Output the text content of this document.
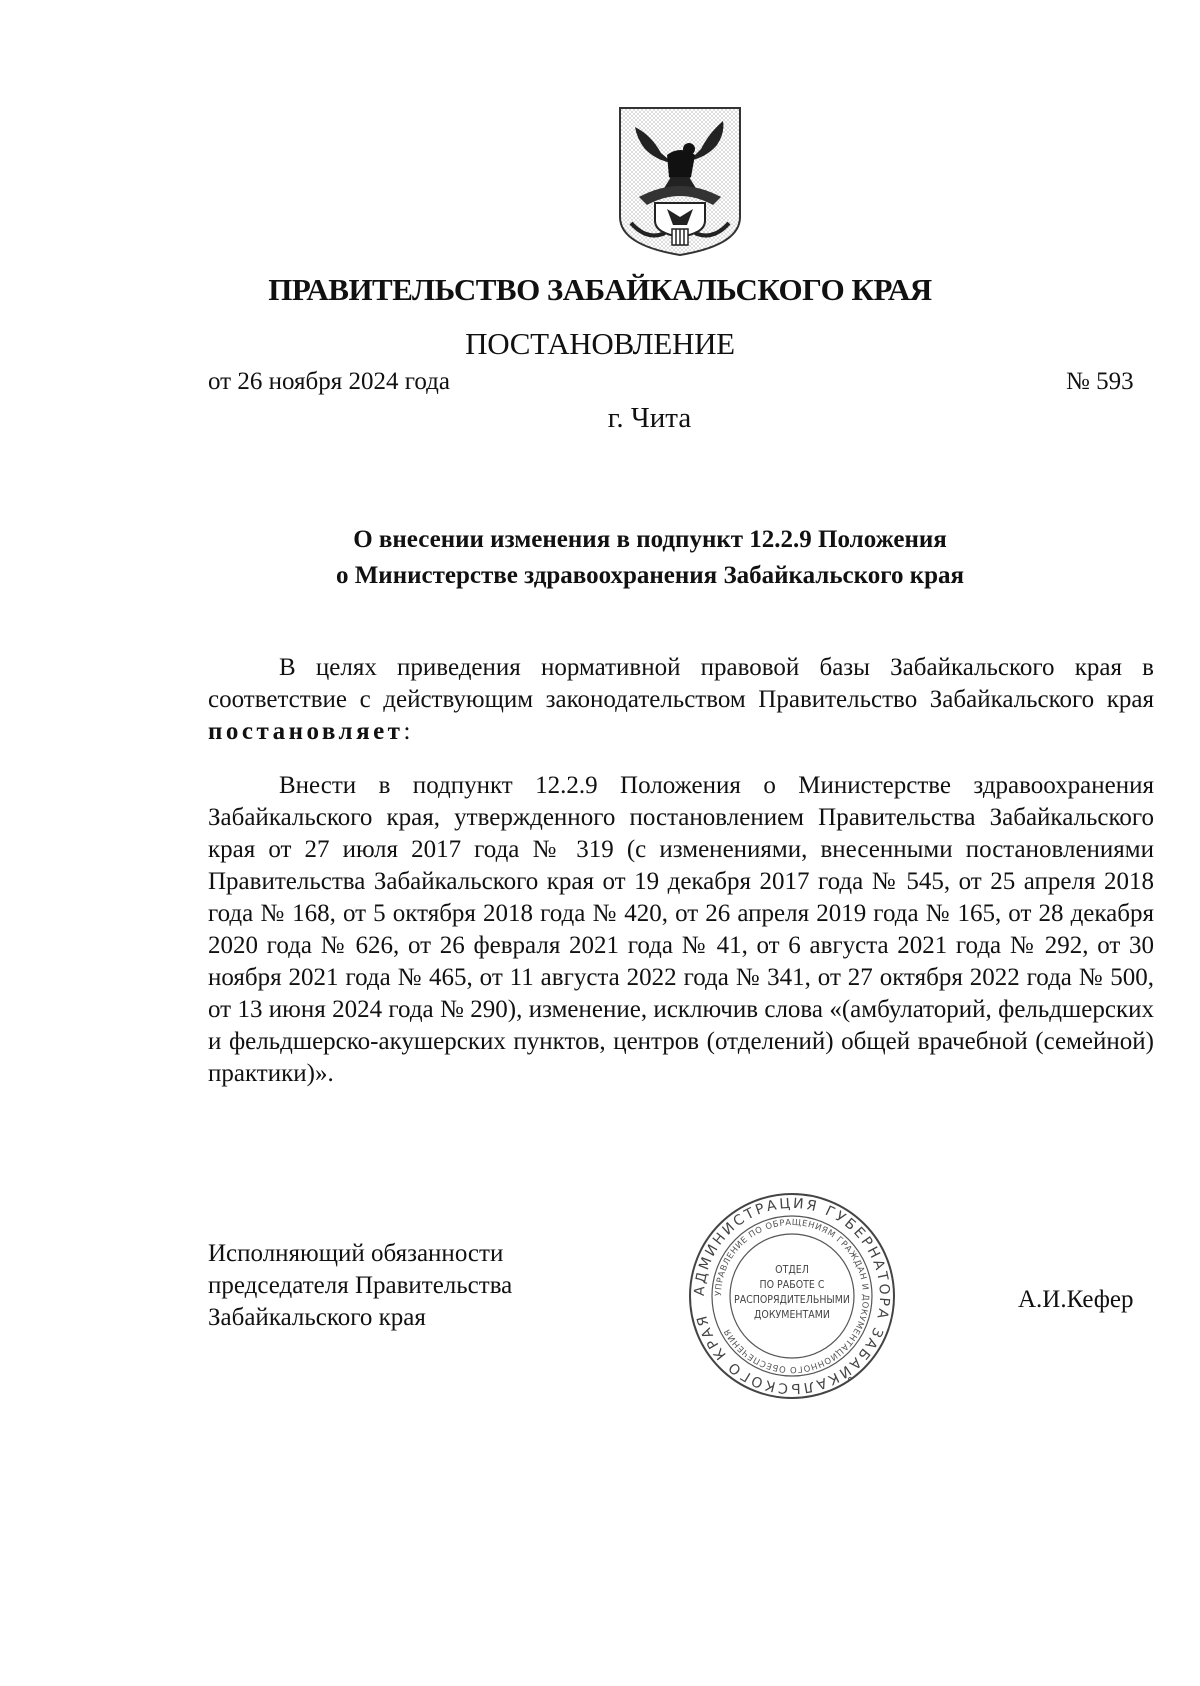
ПРАВИТЕЛЬСТВО ЗАБАЙКАЛЬСКОГО КРАЯ
ПОСТАНОВЛЕНИЕ
от 26 ноября 2024 года	№ 593
г. Чита
О внесении изменения в подпункт 12.2.9 Положения
о Министерстве здравоохранения Забайкальского края

В целях приведения нормативной правовой базы Забайкальского края в соответствие с действующим законодательством Правительство Забайкальского края постановляет:

Внести в подпункт 12.2.9 Положения о Министерстве здравоохранения Забайкальского края, утвержденного постановлением Правительства Забайкальского края от 27 июля 2017 года № 319 (с изменениями, внесенными постановлениями Правительства Забайкальского края от 19 декабря 2017 года № 545, от 25 апреля 2018 года № 168, от 5 октября 2018 года № 420, от 26 апреля 2019 года № 165, от 28 декабря 2020 года № 626, от 26 февраля 2021 года № 41, от 6 августа 2021 года № 292, от 30 ноября 2021 года № 465, от 11 августа 2022 года № 341, от 27 октября 2022 года № 500, от 13 июня 2024 года № 290), изменение, исключив слова «(амбулаторий, фельдшерских и фельдшерско-акушерских пунктов, центров (отделений) общей врачебной (семейной) практики)».

Исполняющий обязанности
председателя Правительства
Забайкальского края
А.И.Кефер
АДМИНИСТРАЦИЯ ГУБЕРНАТОРА ЗАБАЙКАЛЬСКОГО КРАЯ
УПРАВЛЕНИЕ ПО ОБРАЩЕНИЯМ ГРАЖДАН И ДОКУМЕНТАЦИОННОГО ОБЕСПЕЧЕНИЯ
ОТДЕЛ
ПО РАБОТЕ С
РАСПОРЯДИТЕЛЬНЫМИ
ДОКУМЕНТАМИ
